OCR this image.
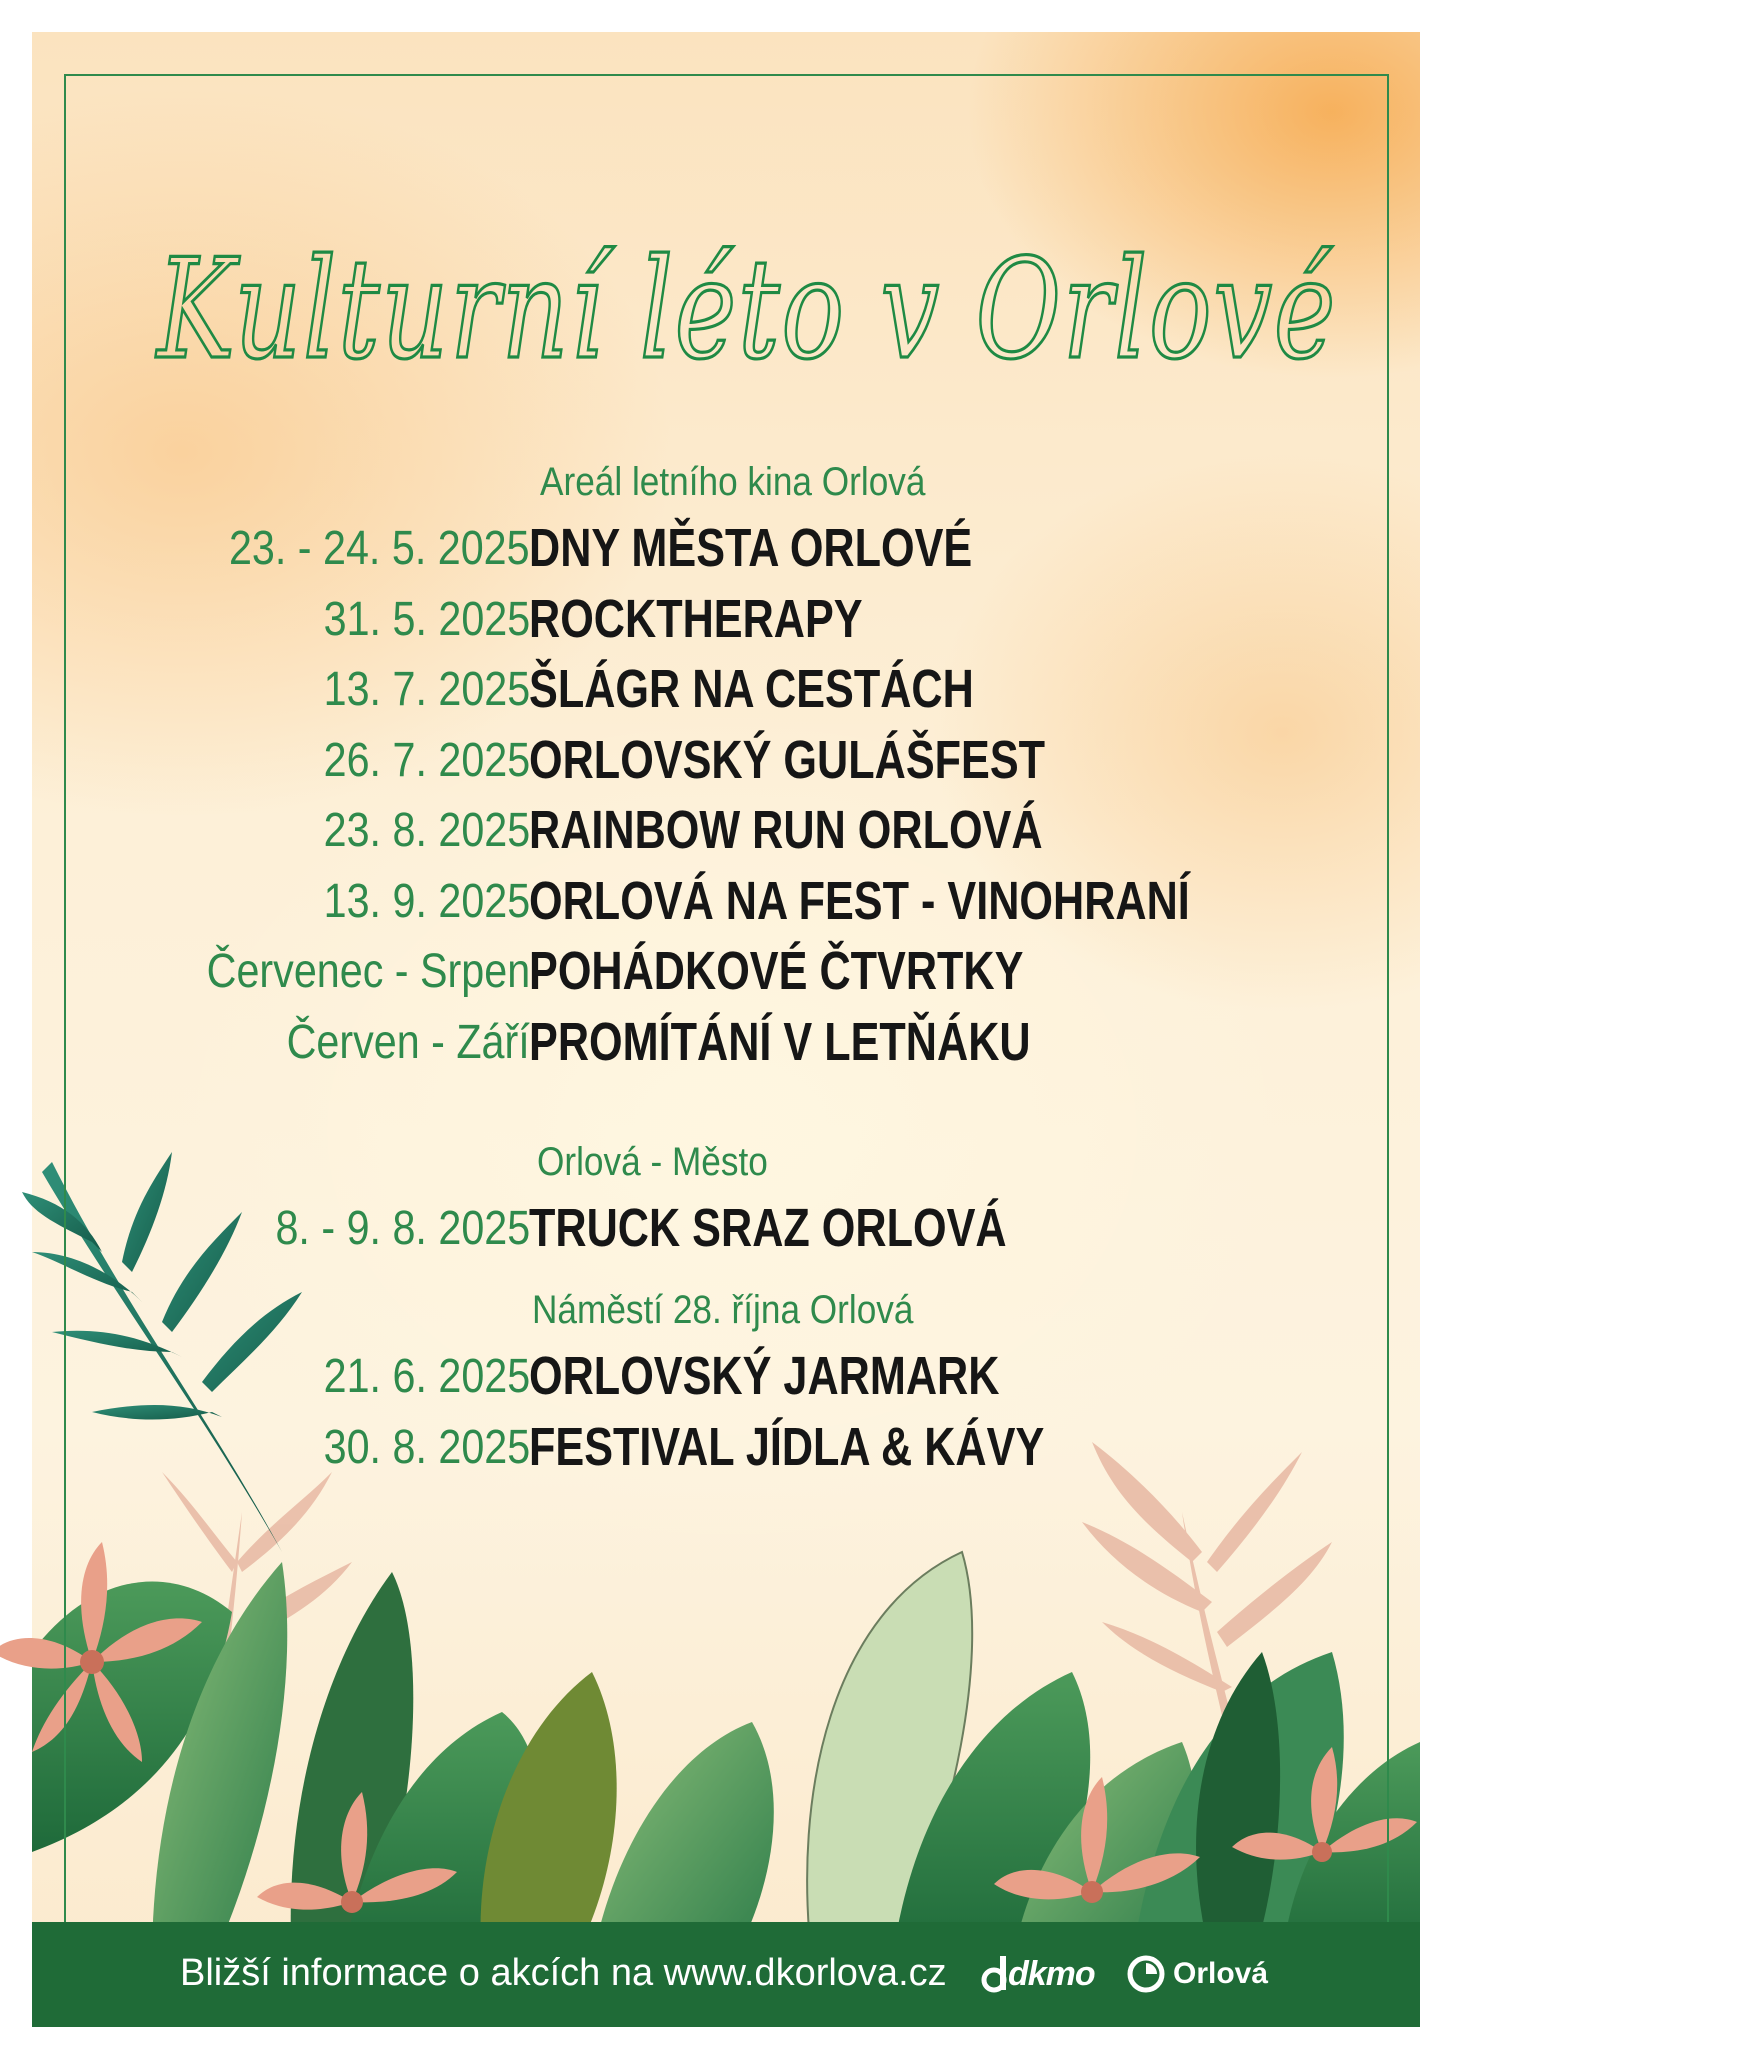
Kulturní léto v Orlové
Areál letního kina Orlová
23. - 24. 5. 2025 DNY MĚSTA ORLOVÉ
31. 5. 2025 ROCKTHERAPY
13. 7. 2025 ŠLÁGR NA CESTÁCH
26. 7. 2025 ORLOVSKÝ GULÁŠFEST
23. 8. 2025 RAINBOW RUN ORLOVÁ
13. 9. 2025 ORLOVÁ NA FEST - VINOHRANÍ
Červenec - Srpen POHÁDKOVÉ ČTVRTKY
Červen - Září PROMÍTÁNÍ V LETŇÁKU
Orlová - Město
8. - 9. 8. 2025 TRUCK SRAZ ORLOVÁ
Náměstí 28. října Orlová
21. 6. 2025 ORLOVSKÝ JARMARK
30. 8. 2025 FESTIVAL JÍDLA & KÁVY
Bližší informace o akcích na www.dkorlova.cz dkmo	Orlová
